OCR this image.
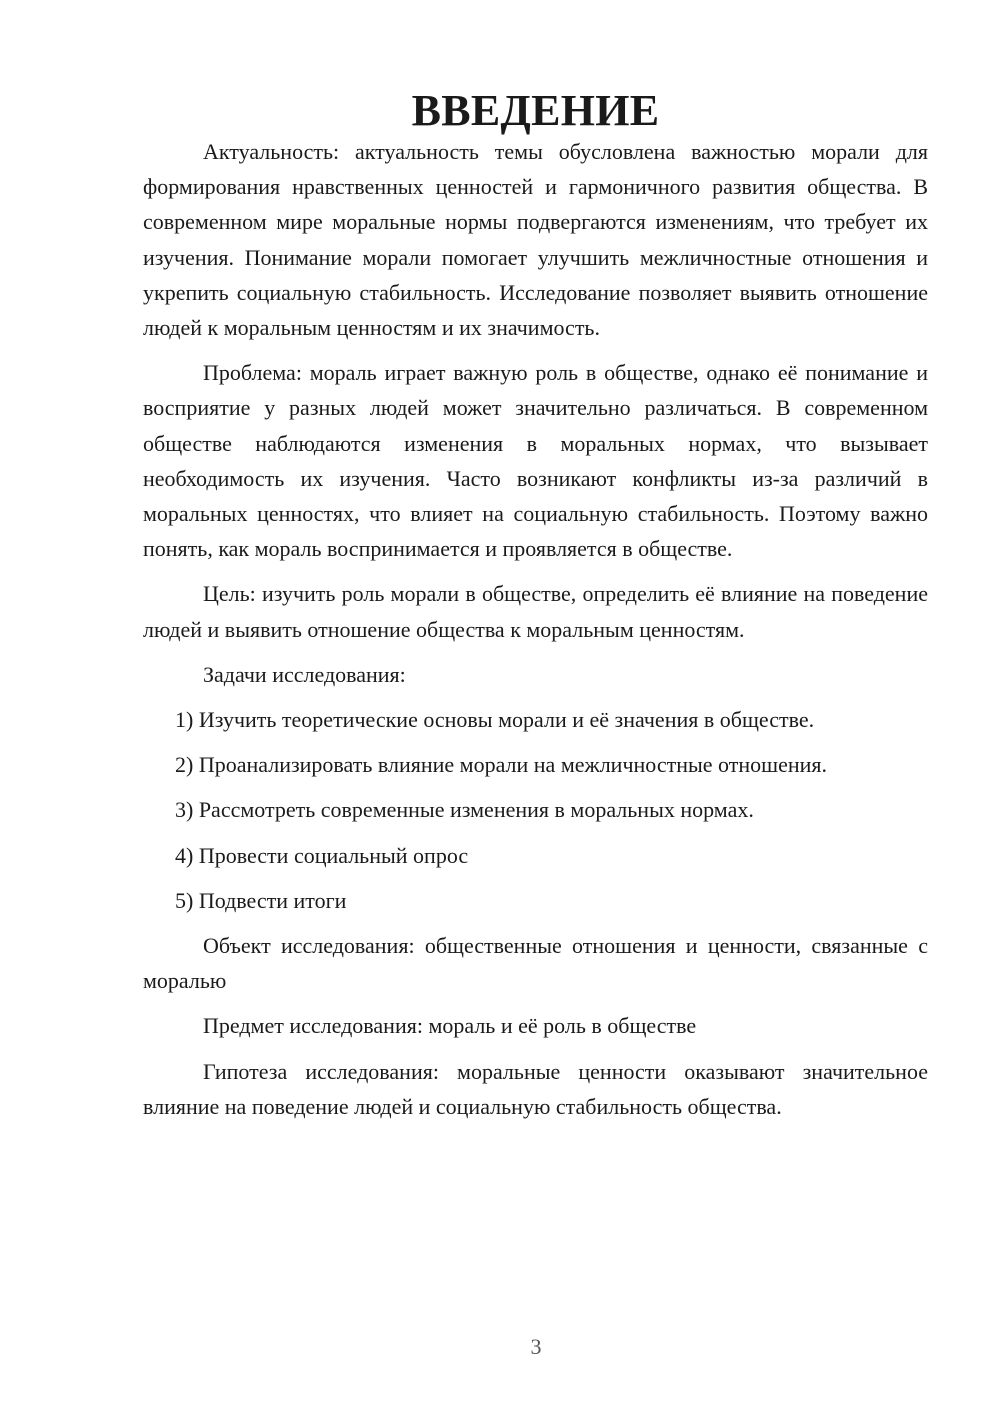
ВВЕДЕНИЕ

Актуальность: актуальность темы обусловлена важностью морали для формирования нравственных ценностей и гармоничного развития общества. В современном мире моральные нормы подвергаются изменениям, что требует их изучения. Понимание морали помогает улучшить межличностные отношения и укрепить социальную стабильность. Исследование позволяет выявить отношение людей к моральным ценностям и их значимость.

Проблема: мораль играет важную роль в обществе, однако её понимание и восприятие у разных людей может значительно различаться. В современном обществе наблюдаются изменения в моральных нормах, что вызывает необходимость их изучения. Часто возникают конфликты из-за различий в моральных ценностях, что влияет на социальную стабильность. Поэтому важно понять, как мораль воспринимается и проявляется в обществе.

Цель: изучить роль морали в обществе, определить её влияние на поведение людей и выявить отношение общества к моральным ценностям.

Задачи исследования:

1) Изучить теоретические основы морали и её значения в обществе.
2) Проанализировать влияние морали на межличностные отношения.
3) Рассмотреть современные изменения в моральных нормах.
4) Провести социальный опрос
5) Подвести итоги

Объект исследования: общественные отношения и ценности, связанные с моралью

Предмет исследования: мораль и её роль в обществе

Гипотеза исследования: моральные ценности оказывают значительное влияние на поведение людей и социальную стабильность общества.

3
